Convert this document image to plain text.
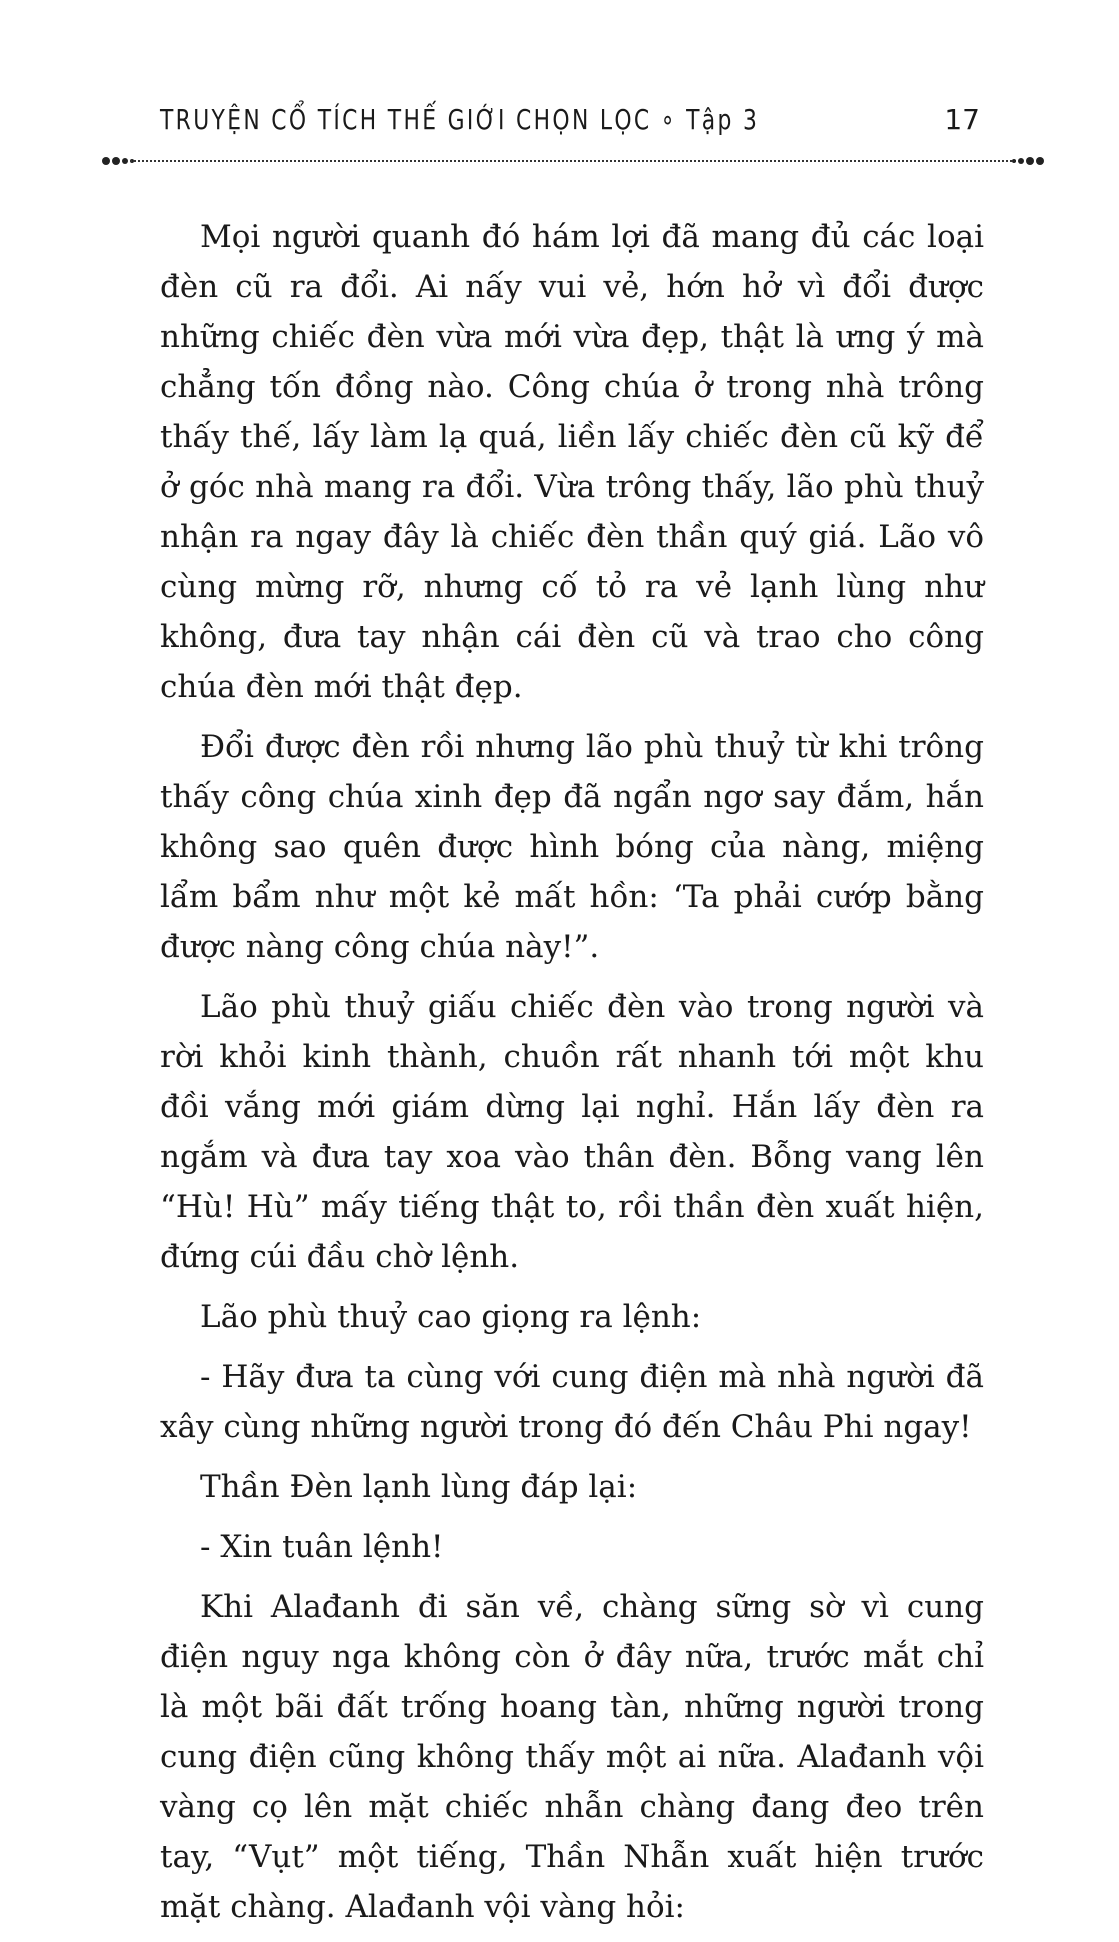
TRUYỆN CỔ TÍCH THẾ GIỚI CHỌN LỌC ∘ Tập 3	17

Mọi người quanh đó hám lợi đã mang đủ các loại đèn cũ ra đổi. Ai nấy vui vẻ, hớn hở vì đổi được những chiếc đèn vừa mới vừa đẹp, thật là ưng ý mà chẳng tốn đồng nào. Công chúa ở trong nhà trông thấy thế, lấy làm lạ quá, liền lấy chiếc đèn cũ kỹ để ở góc nhà mang ra đổi. Vừa trông thấy, lão phù thuỷ nhận ra ngay đây là chiếc đèn thần quý giá. Lão vô cùng mừng rỡ, nhưng cố tỏ ra vẻ lạnh lùng như không, đưa tay nhận cái đèn cũ và trao cho công chúa đèn mới thật đẹp.

Đổi được đèn rồi nhưng lão phù thuỷ từ khi trông thấy công chúa xinh đẹp đã ngẩn ngơ say đắm, hắn không sao quên được hình bóng của nàng, miệng lẩm bẩm như một kẻ mất hồn: ‘Ta phải cướp bằng được nàng công chúa này!”.

Lão phù thuỷ giấu chiếc đèn vào trong người và rời khỏi kinh thành, chuồn rất nhanh tới một khu đồi vắng mới giám dừng lại nghỉ. Hắn lấy đèn ra ngắm và đưa tay xoa vào thân đèn. Bỗng vang lên “Hù! Hù” mấy tiếng thật to, rồi thần đèn xuất hiện, đứng cúi đầu chờ lệnh.

Lão phù thuỷ cao giọng ra lệnh:

- Hãy đưa ta cùng với cung điện mà nhà người đã xây cùng những người trong đó đến Châu Phi ngay!

Thần Đèn lạnh lùng đáp lại:

- Xin tuân lệnh!

Khi Alađanh đi săn về, chàng sững sờ vì cung điện nguy nga không còn ở đây nữa, trước mắt chỉ là một bãi đất trống hoang tàn, những người trong cung điện cũng không thấy một ai nữa. Alađanh vội vàng cọ lên mặt chiếc nhẫn chàng đang đeo trên tay, “Vụt” một tiếng, Thần Nhẫn xuất hiện trước mặt chàng. Alađanh vội vàng hỏi:
